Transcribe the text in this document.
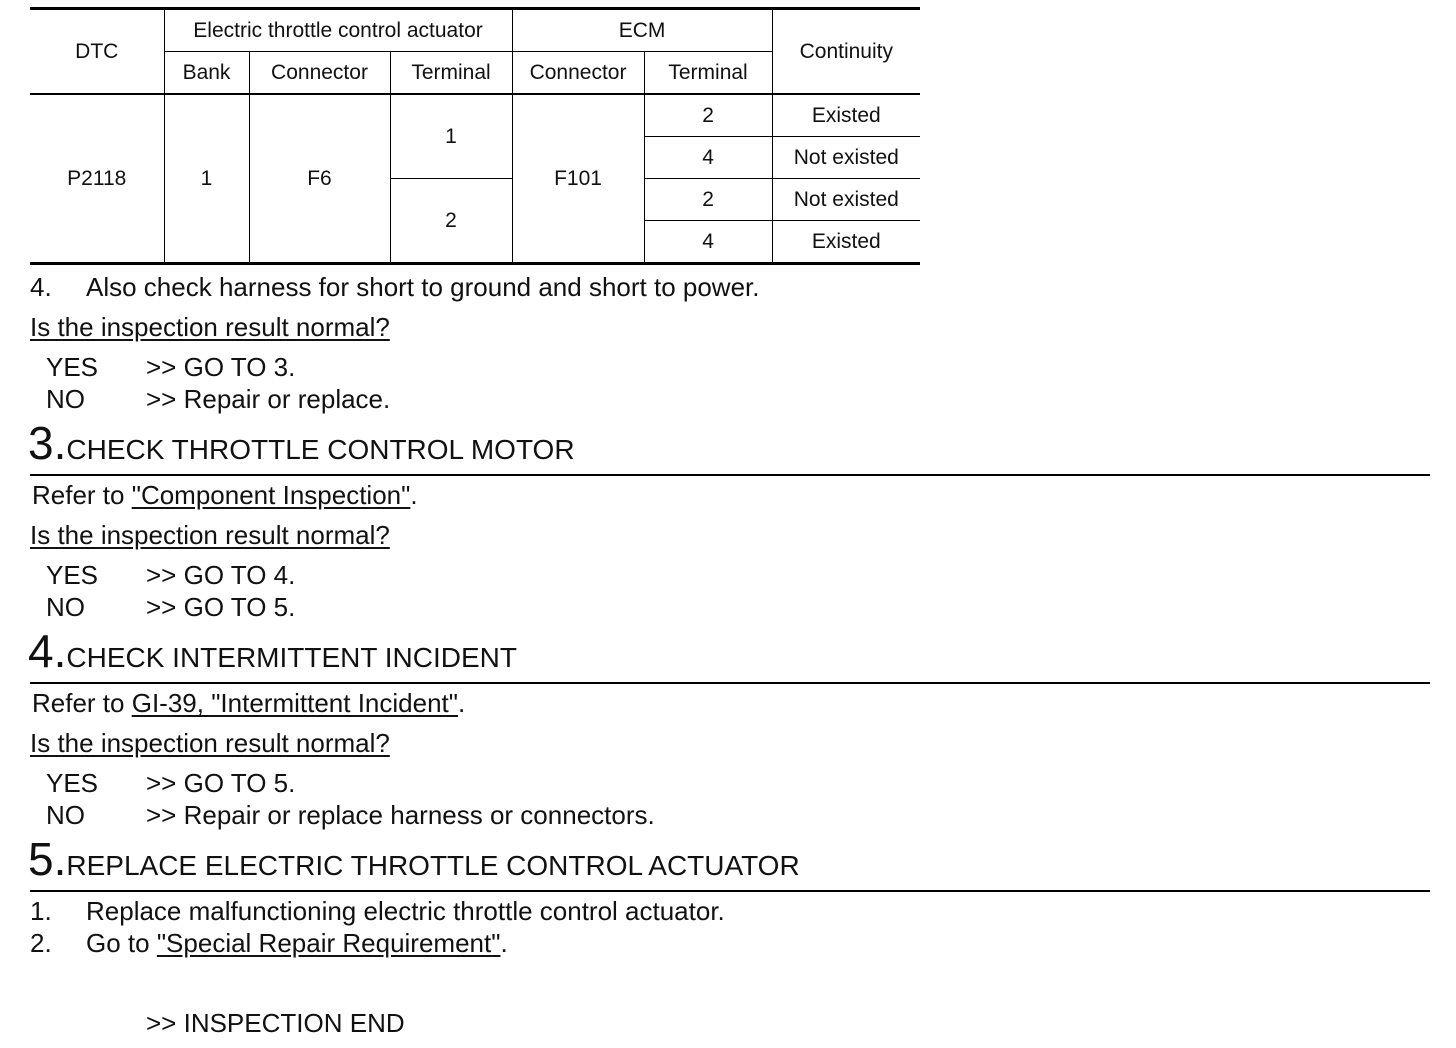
DTC	Electric throttle control actuator			ECM		Continuity
	Bank	Connector	Terminal	Connector	Terminal	
P2118	1	F6	1	F101	2	Existed
					4	Not existed
			2		2	Not existed
					4	Existed
4. Also check harness for short to ground and short to power.
Is the inspection result normal?
YES >> GO TO 3.
NO >> Repair or replace.
3.CHECK THROTTLE CONTROL MOTOR
Refer to "Component Inspection".
Is the inspection result normal?
YES >> GO TO 4.
NO >> GO TO 5.
4.CHECK INTERMITTENT INCIDENT
Refer to GI-39, "Intermittent Incident".
Is the inspection result normal?
YES >> GO TO 5.
NO >> Repair or replace harness or connectors.
5.REPLACE ELECTRIC THROTTLE CONTROL ACTUATOR
1. Replace malfunctioning electric throttle control actuator.
2. Go to "Special Repair Requirement".
>> INSPECTION END
